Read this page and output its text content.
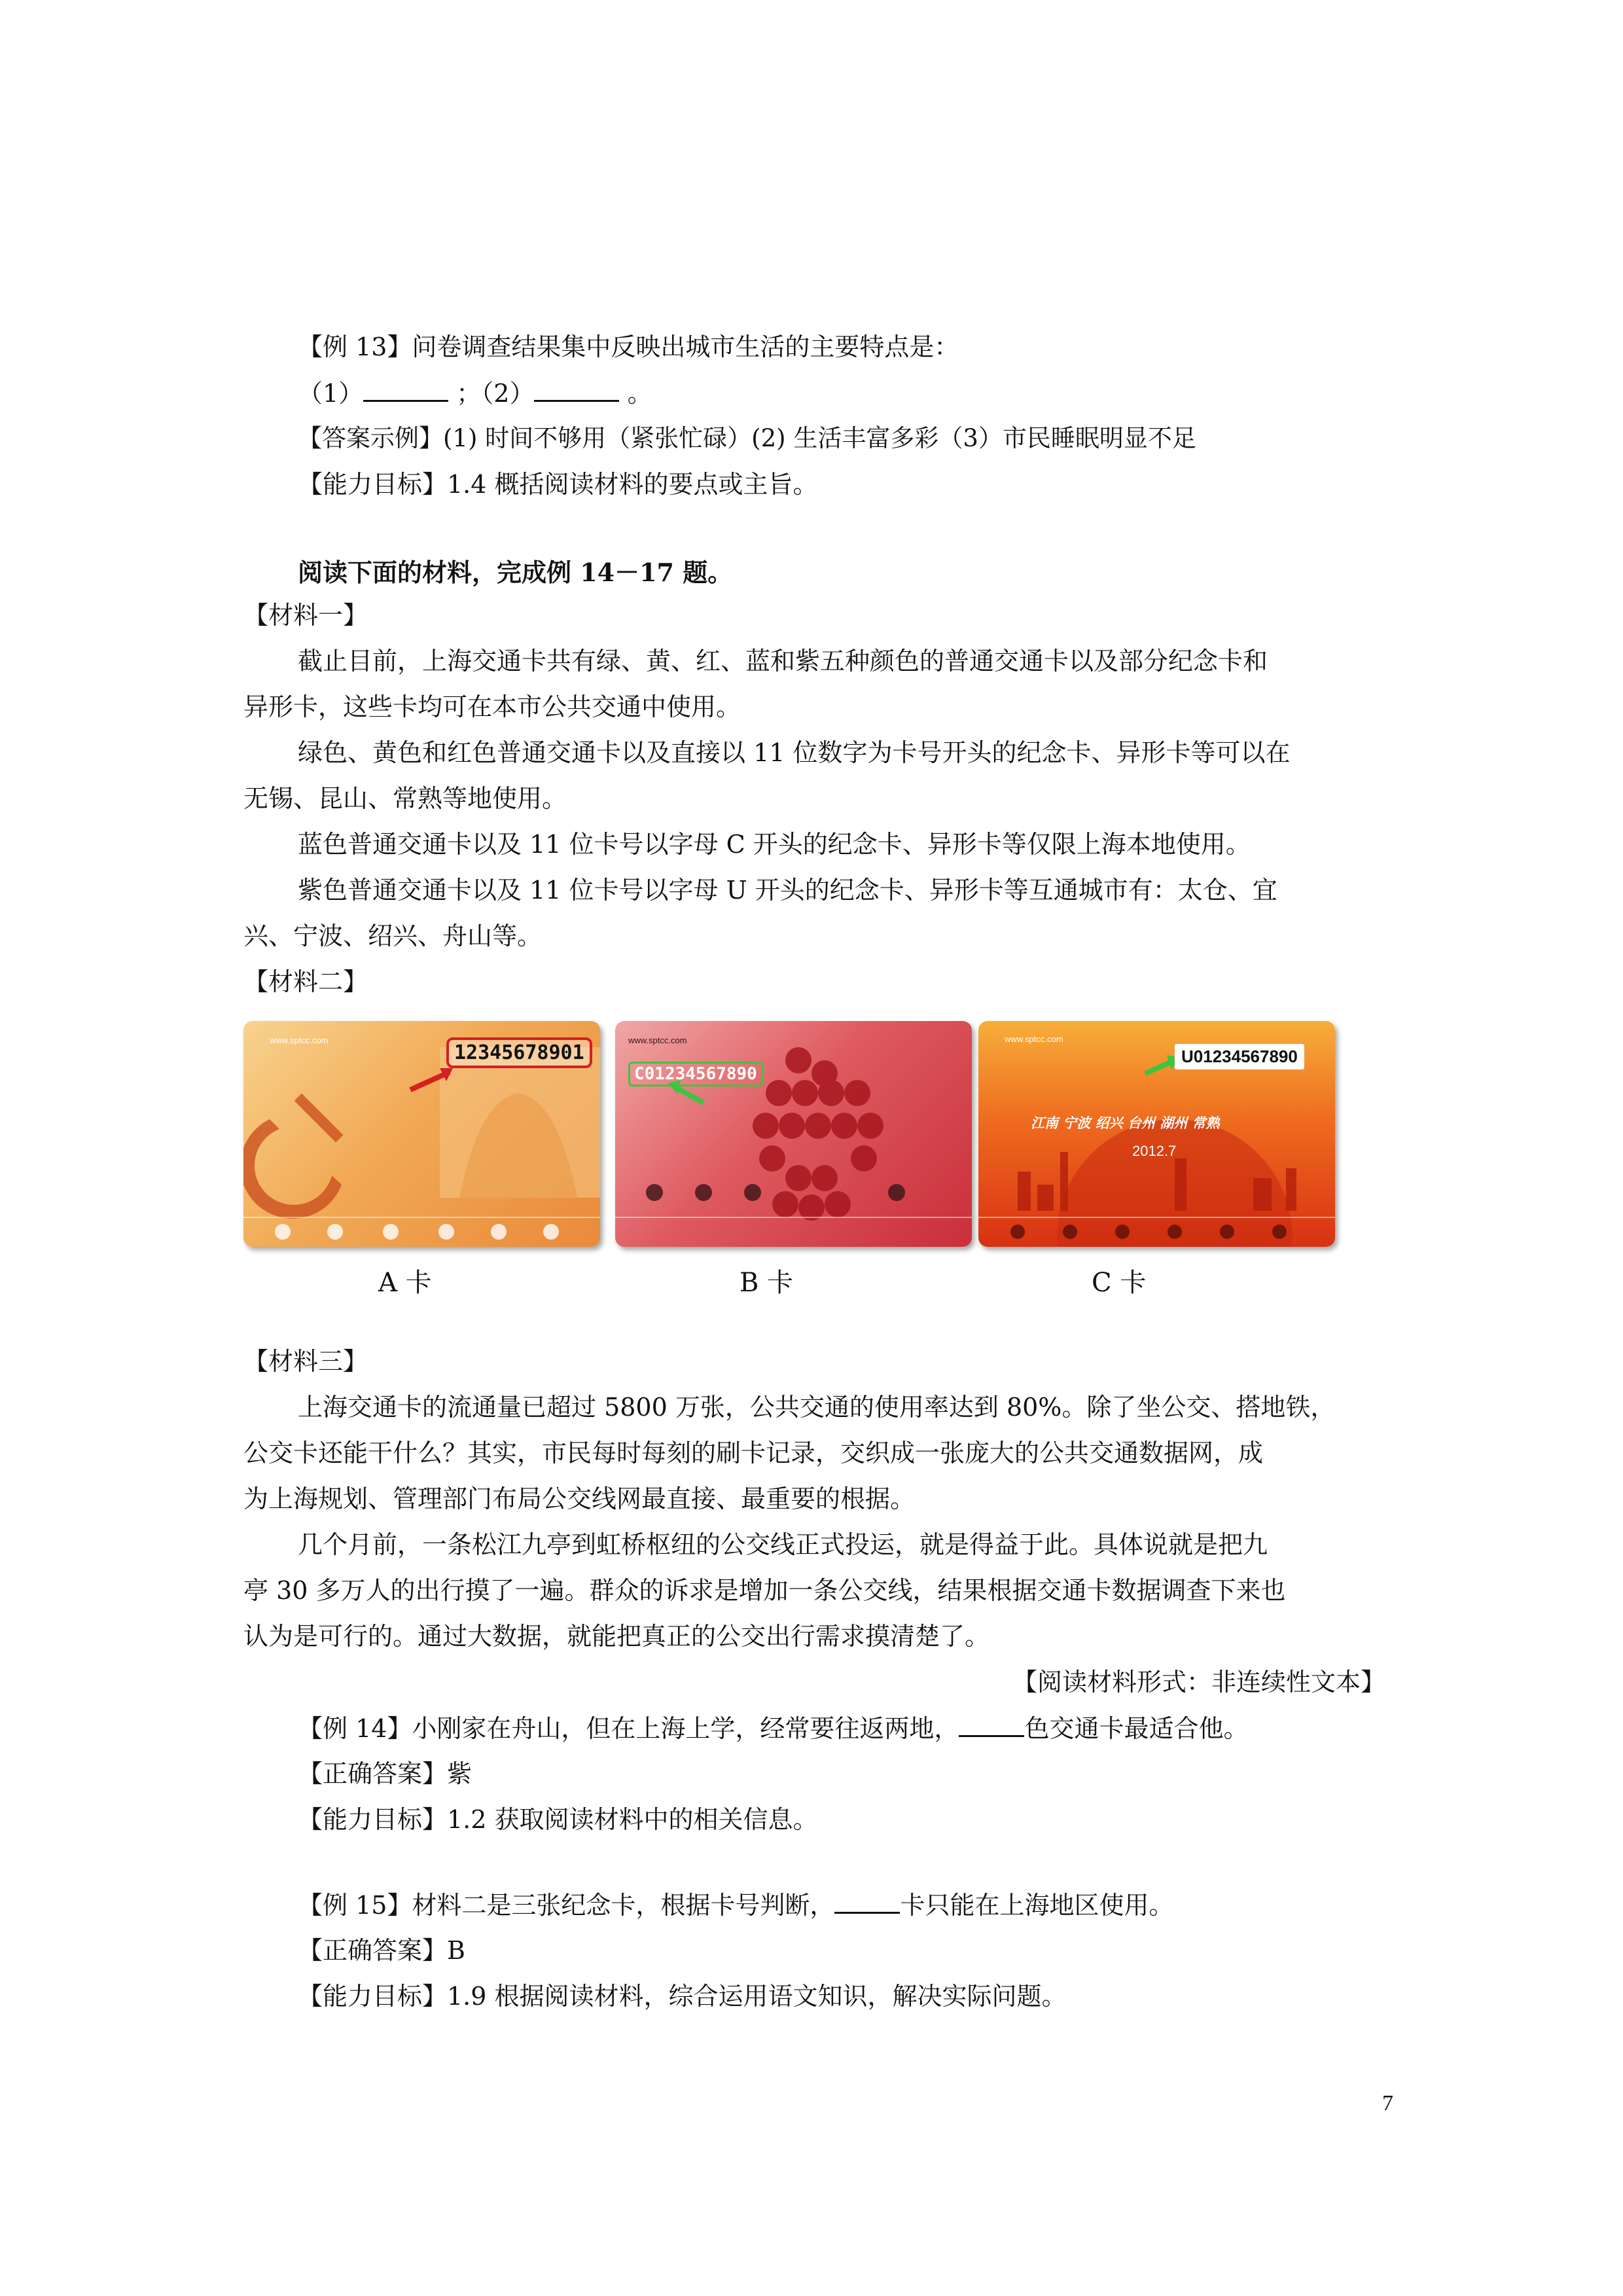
【例 13】问卷调查结果集中反映出城市生活的主要特点是：
（1）	；（2）	。
【答案示例】(1) 时间不够用（紧张忙碌）(2) 生活丰富多彩（3）市民睡眠明显不足
【能力目标】1.4 概括阅读材料的要点或主旨。
阅读下面的材料，完成例 14－17 题。
【材料一】
截止目前，上海交通卡共有绿、黄、红、蓝和紫五种颜色的普通交通卡以及部分纪念卡和
异形卡，这些卡均可在本市公共交通中使用。
绿色、黄色和红色普通交通卡以及直接以 11 位数字为卡号开头的纪念卡、异形卡等可以在
无锡、昆山、常熟等地使用。
蓝色普通交通卡以及 11 位卡号以字母 C 开头的纪念卡、异形卡等仅限上海本地使用。
紫色普通交通卡以及 11 位卡号以字母 U 开头的纪念卡、异形卡等互通城市有：太仓、宜
兴、宁波、绍兴、舟山等。
【材料二】
www.sptcc.com
12345678901
A 卡
www.sptcc.com
C01234567890
B 卡
www.sptcc.com
U01234567890
江南 宁波 绍兴 台州 湖州 常熟
2012.7
C 卡
【材料三】
上海交通卡的流通量已超过 5800 万张，公共交通的使用率达到 80%。除了坐公交、搭地铁，
公交卡还能干什么？其实，市民每时每刻的刷卡记录，交织成一张庞大的公共交通数据网，成
为上海规划、管理部门布局公交线网最直接、最重要的根据。
几个月前，一条松江九亭到虹桥枢纽的公交线正式投运，就是得益于此。具体说就是把九
亭 30 多万人的出行摸了一遍。群众的诉求是增加一条公交线，结果根据交通卡数据调查下来也
认为是可行的。通过大数据，就能把真正的公交出行需求摸清楚了。
【阅读材料形式：非连续性文本】
【例 14】小刚家在舟山，但在上海上学，经常要往返两地，	色交通卡最适合他。
【正确答案】紫
【能力目标】1.2 获取阅读材料中的相关信息。
【例 15】材料二是三张纪念卡，根据卡号判断，	卡只能在上海地区使用。
【正确答案】B
【能力目标】1.9 根据阅读材料，综合运用语文知识，解决实际问题。
7
